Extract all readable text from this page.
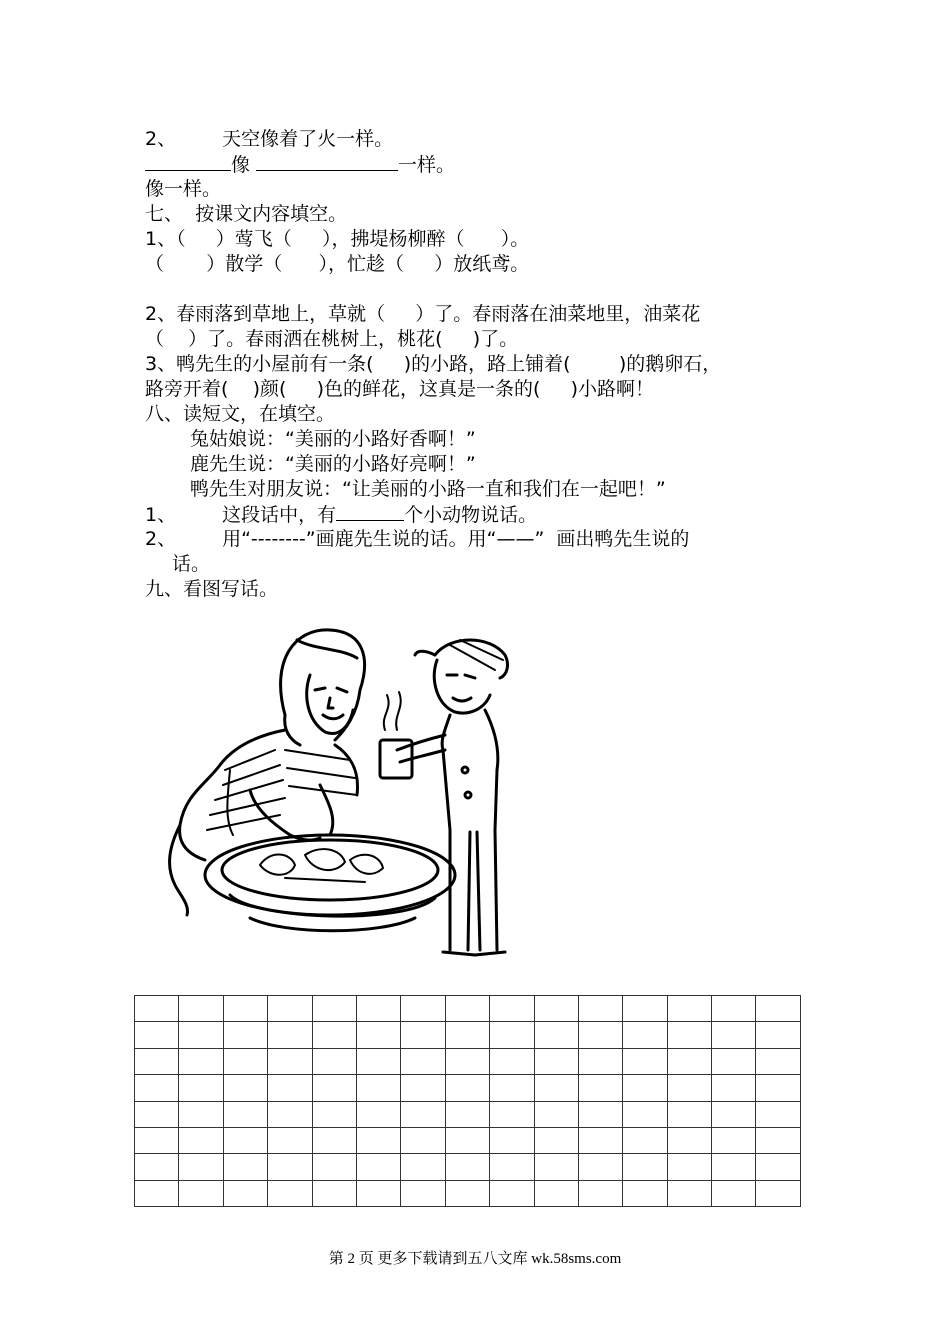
2、 天空像着了火一样。
像	一样。
像一样。
七、  按课文内容填空。
1、（     ）莺飞（     ），拂堤杨柳醉（      ）。
（       ）散学（      ），忙趁（     ）放纸鸢。
2、春雨落到草地上，草就（     ）了。春雨落在油菜地里，油菜花
（    ）了。春雨洒在桃树上，桃花(     )了。
3、鸭先生的小屋前有一条(     )的小路，路上铺着(        )的鹅卵石，
路旁开着(    )颜(     )色的鲜花，这真是一条的(     )小路啊！
八、读短文，在填空。
兔姑娘说：“美丽的小路好香啊！”
鹿先生说：“美丽的小路好亮啊！”
鸭先生对朋友说：“让美丽的小路一直和我们在一起吧！”
1、 这段话中，有	个小动物说话。
2、 用“--------”画鹿先生说的话。用“——”  画出鸭先生说的
话。
九、看图写话。

第 2 页 更多下载请到五八文库 wk.58sms.com
